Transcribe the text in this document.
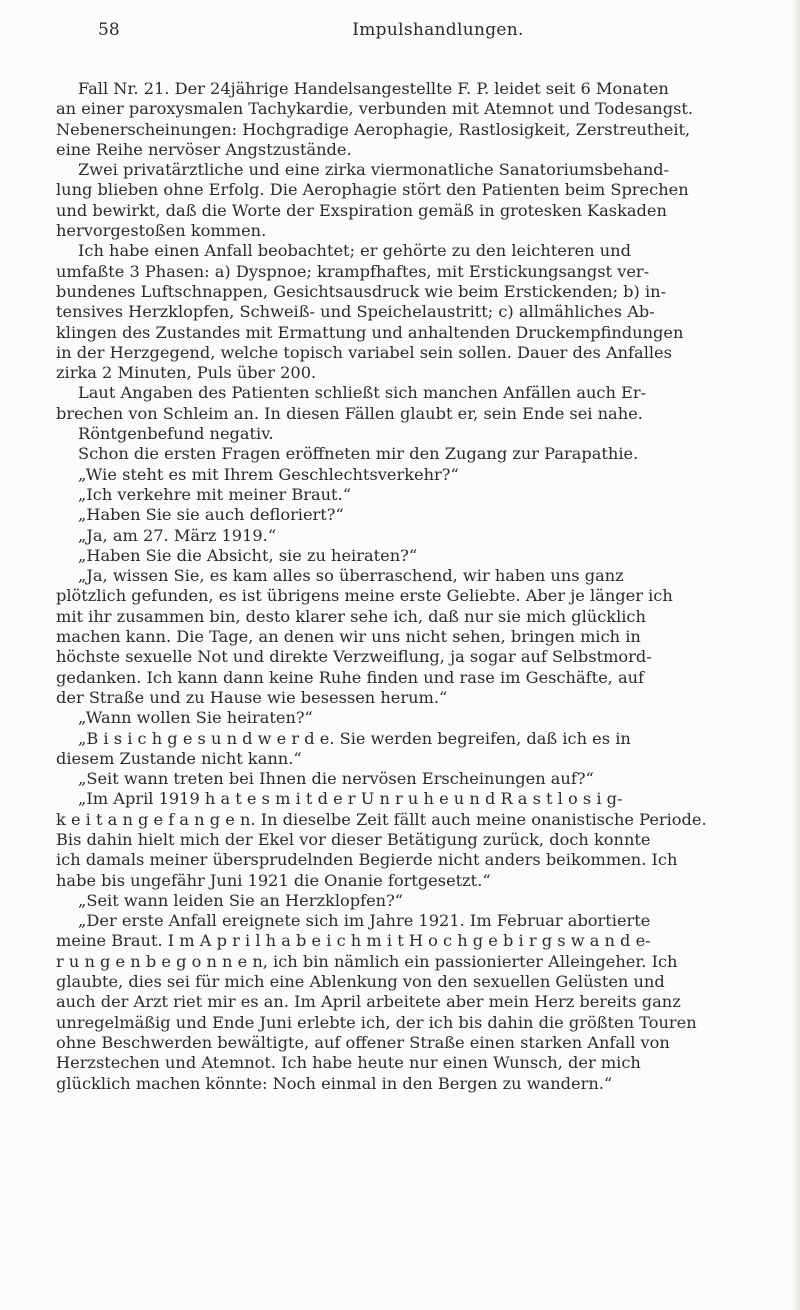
58	Impulshandlungen.

Fall Nr. 21. Der 24jährige Handelsangestellte F. P. leidet seit 6 Monaten
an einer paroxysmalen Tachykardie, verbunden mit Atemnot und Todesangst.
Nebenerscheinungen: Hochgradige Aerophagie, Rastlosigkeit, Zerstreutheit,
eine Reihe nervöser Angstzustände.

Zwei privatärztliche und eine zirka viermonatliche Sanatoriumsbehand-
lung blieben ohne Erfolg. Die Aerophagie stört den Patienten beim Sprechen
und bewirkt, daß die Worte der Exspiration gemäß in grotesken Kaskaden
hervorgestoßen kommen.

Ich habe einen Anfall beobachtet; er gehörte zu den leichteren und
umfaßte 3 Phasen: a) Dyspnoe; krampfhaftes, mit Erstickungsangst ver-
bundenes Luftschnappen, Gesichtsausdruck wie beim Erstickenden; b) in-
tensives Herzklopfen, Schweiß- und Speichelaustritt; c) allmähliches Ab-
klingen des Zustandes mit Ermattung und anhaltenden Druckempfindungen
in der Herzgegend, welche topisch variabel sein sollen. Dauer des Anfalles
zirka 2 Minuten, Puls über 200.

Laut Angaben des Patienten schließt sich manchen Anfällen auch Er-
brechen von Schleim an. In diesen Fällen glaubt er, sein Ende sei nahe.

Röntgenbefund negativ.

Schon die ersten Fragen eröffneten mir den Zugang zur Parapathie.

„Wie steht es mit Ihrem Geschlechtsverkehr?“

„Ich verkehre mit meiner Braut.“

„Haben Sie sie auch defloriert?“

„Ja, am 27. März 1919.“

„Haben Sie die Absicht, sie zu heiraten?“

„Ja, wissen Sie, es kam alles so überraschend, wir haben uns ganz
plötzlich gefunden, es ist übrigens meine erste Geliebte. Aber je länger ich
mit ihr zusammen bin, desto klarer sehe ich, daß nur sie mich glücklich
machen kann. Die Tage, an denen wir uns nicht sehen, bringen mich in
höchste sexuelle Not und direkte Verzweiflung, ja sogar auf Selbstmord-
gedanken. Ich kann dann keine Ruhe finden und rase im Geschäfte, auf
der Straße und zu Hause wie besessen herum.“

„Wann wollen Sie heiraten?“

„B i s i c h g e s u n d w e r d e. Sie werden begreifen, daß ich es in
diesem Zustande nicht kann.“

„Seit wann treten bei Ihnen die nervösen Erscheinungen auf?“

„Im April 1919 h a t e s m i t d e r U n r u h e u n d R a s t l o s i g-
k e i t a n g e f a n g e n. In dieselbe Zeit fällt auch meine onanistische Periode.
Bis dahin hielt mich der Ekel vor dieser Betätigung zurück, doch konnte
ich damals meiner übersprudelnden Begierde nicht anders beikommen. Ich
habe bis ungefähr Juni 1921 die Onanie fortgesetzt.“

„Seit wann leiden Sie an Herzklopfen?“

„Der erste Anfall ereignete sich im Jahre 1921. Im Februar abortierte
meine Braut. I m A p r i l h a b e i c h m i t H o c h g e b i r g s w a n d e-
r u n g e n b e g o n n e n, ich bin nämlich ein passionierter Alleingeher. Ich
glaubte, dies sei für mich eine Ablenkung von den sexuellen Gelüsten und
auch der Arzt riet mir es an. Im April arbeitete aber mein Herz bereits ganz
unregelmäßig und Ende Juni erlebte ich, der ich bis dahin die größten Touren
ohne Beschwerden bewältigte, auf offener Straße einen starken Anfall von
Herzstechen und Atemnot. Ich habe heute nur einen Wunsch, der mich
glücklich machen könnte: Noch einmal in den Bergen zu wandern.“
